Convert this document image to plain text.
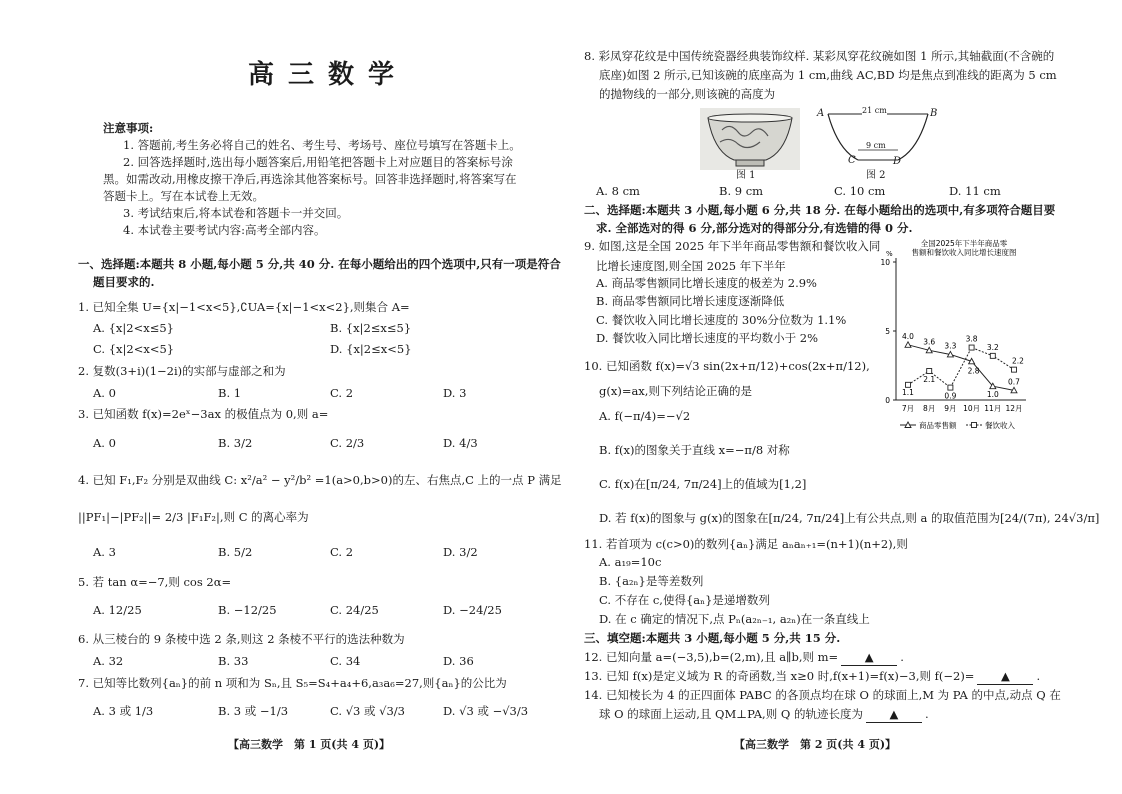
高三数学
注意事项:
1. 答题前,考生务必将自己的姓名、考生号、考场号、座位号填写在答题卡上。
2. 回答选择题时,选出每小题答案后,用铅笔把答题卡上对应题目的答案标号涂
黑。如需改动,用橡皮擦干净后,再选涂其他答案标号。回答非选择题时,将答案写在
答题卡上。写在本试卷上无效。
3. 考试结束后,将本试卷和答题卡一并交回。
4. 本试卷主要考试内容:高考全部内容。
一、选择题:本题共 8 小题,每小题 5 分,共 40 分. 在每小题给出的四个选项中,只有一项是符合
题目要求的.
1. 已知全集 U={x|−1<x<5},∁UA={x|−1<x<2},则集合 A=
A. {x|2<x≤5}	B. {x|2≤x≤5}
C. {x|2<x<5}	D. {x|2≤x<5}
2. 复数(3+i)(1−2i)的实部与虚部之和为
A. 0	B. 1	C. 2	D. 3
3. 已知函数 f(x)=2eˣ−3ax 的极值点为 0,则 a=
A. 0	B. 3/2	C. 2/3	D. 4/3
4. 已知 F₁,F₂ 分别是双曲线 C: x²/a² − y²/b² =1(a>0,b>0)的左、右焦点,C 上的一点 P 满足
||PF₁|−|PF₂||= 2/3 |F₁F₂|,则 C 的离心率为
A. 3	B. 5/2	C. 2	D. 3/2
5. 若 tan α=−7,则 cos 2α=
A. 12/25	B. −12/25	C. 24/25	D. −24/25
6. 从三棱台的 9 条棱中选 2 条,则这 2 条棱不平行的选法种数为
A. 32	B. 33	C. 34	D. 36
7. 已知等比数列{aₙ}的前 n 项和为 Sₙ,且 S₅=S₄+a₄+6,a₃a₆=27,则{aₙ}的公比为
A. 3 或 1/3	B. 3 或 −1/3	C. √3 或 √3/3	D. √3 或 −√3/3
【高三数学　第 1 页(共 4 页)】
8. 彩凤穿花纹是中国传统瓷器经典装饰纹样. 某彩凤穿花纹碗如图 1 所示,其轴截面(不含碗的
底座)如图 2 所示,已知该碗的底座高为 1 cm,曲线 AC,BD 均是焦点到准线的距离为 5 cm
的抛物线的一部分,则该碗的高度为
图 1
A	B
C	D
21 cm
9 cm
图 2
A. 8 cm	B. 9 cm	C. 10 cm	D. 11 cm
二、选择题:本题共 3 小题,每小题 6 分,共 18 分. 在每小题给出的选项中,有多项符合题目要
求. 全部选对的得 6 分,部分选对的得部分分,有选错的得 0 分.
9. 如图,这是全国 2025 年下半年商品零售额和餐饮收入同
比增长速度图,则全国 2025 年下半年
A. 商品零售额同比增长速度的极差为 2.9%
B. 商品零售额同比增长速度逐渐降低
C. 餐饮收入同比增长速度的 30%分位数为 1.1%
D. 餐饮收入同比增长速度的平均数小于 2%
全国2025年下半年商品零
售额和餐饮收入同比增长速度图
%
0
5
10
7月 8月 9月 10月 11月 12月
4.0
3.6 3.3
2.8
1.0
0.7
1.1
2.1
0.9
3.8
3.2
2.2
商品零售额	餐饮收入
10. 已知函数 f(x)=√3 sin(2x+π/12)+cos(2x+π/12),
g(x)=ax,则下列结论正确的是
A. f(−π/4)=−√2
B. f(x)的图象关于直线 x=−π/8 对称
C. f(x)在[π/24, 7π/24]上的值域为[1,2]
D. 若 f(x)的图象与 g(x)的图象在[π/24, 7π/24]上有公共点,则 a 的取值范围为[24/(7π), 24√3/π]
11. 若首项为 c(c>0)的数列{aₙ}满足 aₙaₙ₊₁=(n+1)(n+2),则
A. a₁₉=10c
B. {a₂ₙ}是等差数列
C. 不存在 c,使得{aₙ}是递增数列
D. 在 c 确定的情况下,点 Pₙ(a₂ₙ₋₁, a₂ₙ)在一条直线上
三、填空题:本题共 3 小题,每小题 5 分,共 15 分.
12. 已知向量 a=(−3,5),b=(2,m),且 a∥b,则 m= ▲ .
13. 已知 f(x)是定义域为 R 的奇函数,当 x≥0 时,f(x+1)=f(x)−3,则 f(−2)= ▲ .
14. 已知棱长为 4 的正四面体 PABC 的各顶点均在球 O 的球面上,M 为 PA 的中点,动点 Q 在
球 O 的球面上运动,且 QM⊥PA,则 Q 的轨迹长度为 ▲ .
【高三数学　第 2 页(共 4 页)】
